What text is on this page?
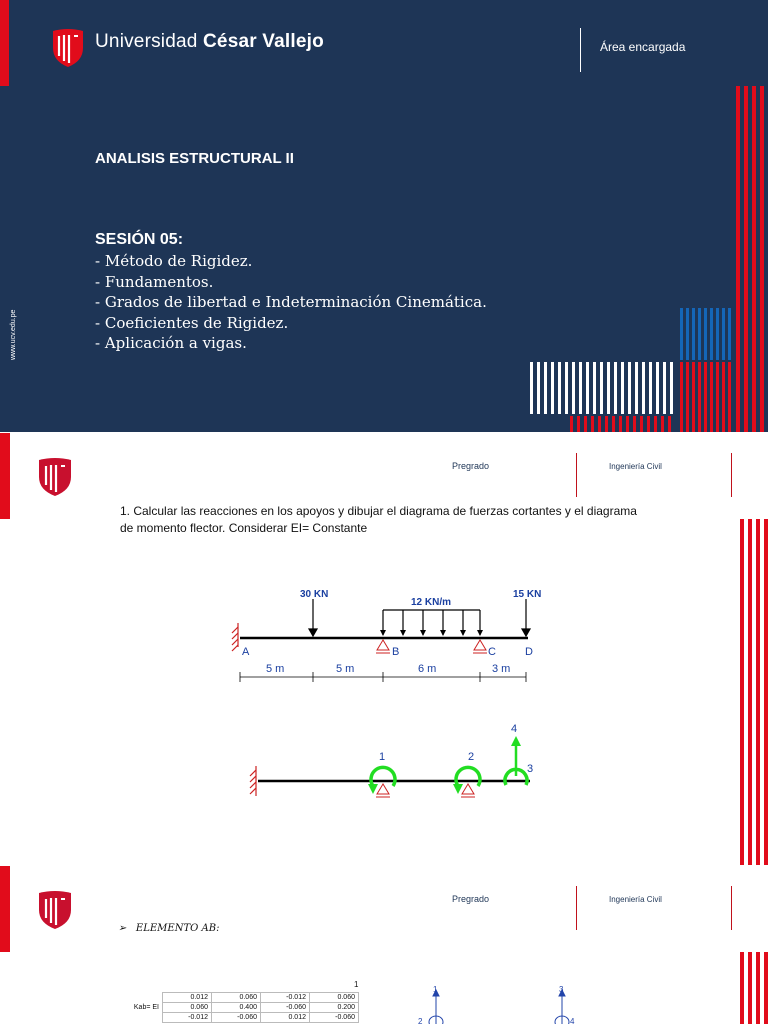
Universidad César Vallejo	Área encargada
ANALISIS ESTRUCTURAL II
SESIÓN 05:
- Método de Rigidez.
- Fundamentos.
- Grados de libertad e Indeterminación Cinemática.
- Coeficientes de Rigidez.
- Aplicación a vigas.
www.ucv.edu.pe
Pregrado	Ingeniería Civil

1. Calcular las reacciones en los apoyos y dibujar el diagrama de fuerzas cortantes y el diagrama de momento flector. Considerar EI= Constante

30 KN
12 KN/m
15 KN
A	B	C	D
5 m	5 m	6 m	3 m
1	2
3
4
Pregrado	Ingeniería Civil
➢   ELEMENTO AB:
1
	0.012	0.060	-0.012	0.060
Kab= EI	0.060	0.400	-0.060	0.200
	-0.012	-0.060	0.012	-0.060
1
2
3
4
